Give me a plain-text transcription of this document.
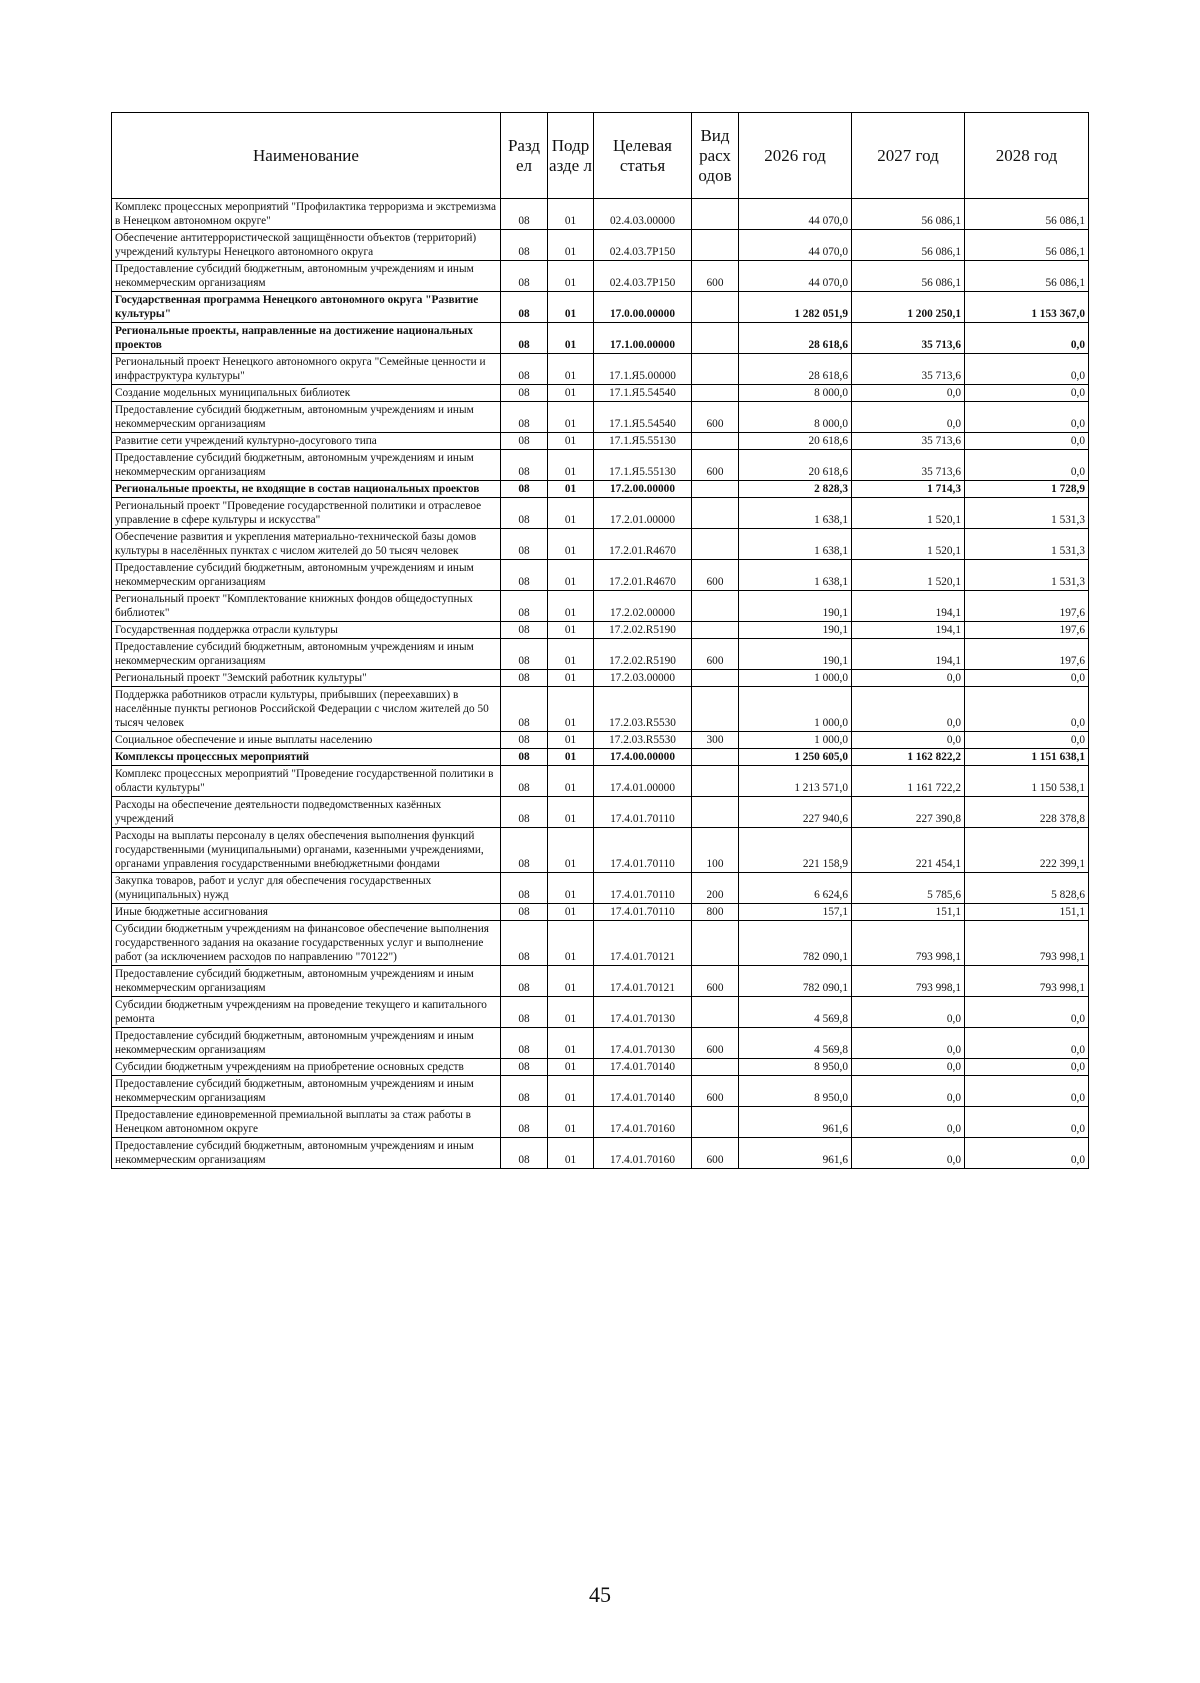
Наименование	Разд ел	Подр азде л	Целевая статья	Вид расх одов	2026 год	2027 год	2028 год
Комплекс процессных мероприятий "Профилактика терроризма и экстремизма в Ненецком автономном округе"	08	01	02.4.03.00000		44 070,0	56 086,1	56 086,1
Обеспечение антитеррористической защищённости объектов (территорий) учреждений культуры Ненецкого автономного округа	08	01	02.4.03.7Р150		44 070,0	56 086,1	56 086,1
Предоставление субсидий бюджетным, автономным учреждениям и иным некоммерческим организациям	08	01	02.4.03.7Р150	600	44 070,0	56 086,1	56 086,1
Государственная программа Ненецкого автономного округа "Развитие культуры"	08	01	17.0.00.00000		1 282 051,9	1 200 250,1	1 153 367,0
Региональные проекты, направленные на достижение национальных проектов	08	01	17.1.00.00000		28 618,6	35 713,6	0,0
Региональный проект Ненецкого автономного округа "Семейные ценности и инфраструктура культуры"	08	01	17.1.Я5.00000		28 618,6	35 713,6	0,0
Создание модельных муниципальных библиотек	08	01	17.1.Я5.54540		8 000,0	0,0	0,0
Предоставление субсидий бюджетным, автономным учреждениям и иным некоммерческим организациям	08	01	17.1.Я5.54540	600	8 000,0	0,0	0,0
Развитие сети учреждений культурно-досугового типа	08	01	17.1.Я5.55130		20 618,6	35 713,6	0,0
Предоставление субсидий бюджетным, автономным учреждениям и иным некоммерческим организациям	08	01	17.1.Я5.55130	600	20 618,6	35 713,6	0,0
Региональные проекты, не входящие в состав национальных проектов	08	01	17.2.00.00000		2 828,3	1 714,3	1 728,9
Региональный проект "Проведение государственной политики и отраслевое управление в сфере культуры и искусства"	08	01	17.2.01.00000		1 638,1	1 520,1	1 531,3
Обеспечение развития и укрепления материально-технической базы домов культуры в населённых пунктах с числом жителей до 50 тысяч человек	08	01	17.2.01.R4670		1 638,1	1 520,1	1 531,3
Предоставление субсидий бюджетным, автономным учреждениям и иным некоммерческим организациям	08	01	17.2.01.R4670	600	1 638,1	1 520,1	1 531,3
Региональный проект "Комплектование книжных фондов общедоступных библиотек"	08	01	17.2.02.00000		190,1	194,1	197,6
Государственная поддержка отрасли культуры	08	01	17.2.02.R5190		190,1	194,1	197,6
Предоставление субсидий бюджетным, автономным учреждениям и иным некоммерческим организациям	08	01	17.2.02.R5190	600	190,1	194,1	197,6
Региональный проект "Земский работник культуры"	08	01	17.2.03.00000		1 000,0	0,0	0,0
Поддержка работников отрасли культуры, прибывших (переехавших) в населённые пункты регионов Российской Федерации с числом жителей до 50 тысяч человек	08	01	17.2.03.R5530		1 000,0	0,0	0,0
Социальное обеспечение и иные выплаты населению	08	01	17.2.03.R5530	300	1 000,0	0,0	0,0
Комплексы процессных мероприятий	08	01	17.4.00.00000		1 250 605,0	1 162 822,2	1 151 638,1
Комплекс процессных мероприятий "Проведение государственной политики в области культуры"	08	01	17.4.01.00000		1 213 571,0	1 161 722,2	1 150 538,1
Расходы на обеспечение деятельности подведомственных казённых учреждений	08	01	17.4.01.70110		227 940,6	227 390,8	228 378,8
Расходы на выплаты персоналу в целях обеспечения выполнения функций государственными (муниципальными) органами, казенными учреждениями, органами управления государственными внебюджетными фондами	08	01	17.4.01.70110	100	221 158,9	221 454,1	222 399,1
Закупка товаров, работ и услуг для обеспечения государственных (муниципальных) нужд	08	01	17.4.01.70110	200	6 624,6	5 785,6	5 828,6
Иные бюджетные ассигнования	08	01	17.4.01.70110	800	157,1	151,1	151,1
Субсидии бюджетным учреждениям на финансовое обеспечение выполнения государственного задания на оказание государственных услуг и выполнение работ (за исключением расходов по направлению "70122")	08	01	17.4.01.70121		782 090,1	793 998,1	793 998,1
Предоставление субсидий бюджетным, автономным учреждениям и иным некоммерческим организациям	08	01	17.4.01.70121	600	782 090,1	793 998,1	793 998,1
Субсидии бюджетным учреждениям на проведение текущего и капитального ремонта	08	01	17.4.01.70130		4 569,8	0,0	0,0
Предоставление субсидий бюджетным, автономным учреждениям и иным некоммерческим организациям	08	01	17.4.01.70130	600	4 569,8	0,0	0,0
Субсидии бюджетным учреждениям на приобретение основных средств	08	01	17.4.01.70140		8 950,0	0,0	0,0
Предоставление субсидий бюджетным, автономным учреждениям и иным некоммерческим организациям	08	01	17.4.01.70140	600	8 950,0	0,0	0,0
Предоставление единовременной премиальной выплаты за стаж работы в Ненецком автономном округе	08	01	17.4.01.70160		961,6	0,0	0,0
Предоставление субсидий бюджетным, автономным учреждениям и иным некоммерческим организациям	08	01	17.4.01.70160	600	961,6	0,0	0,0
45
